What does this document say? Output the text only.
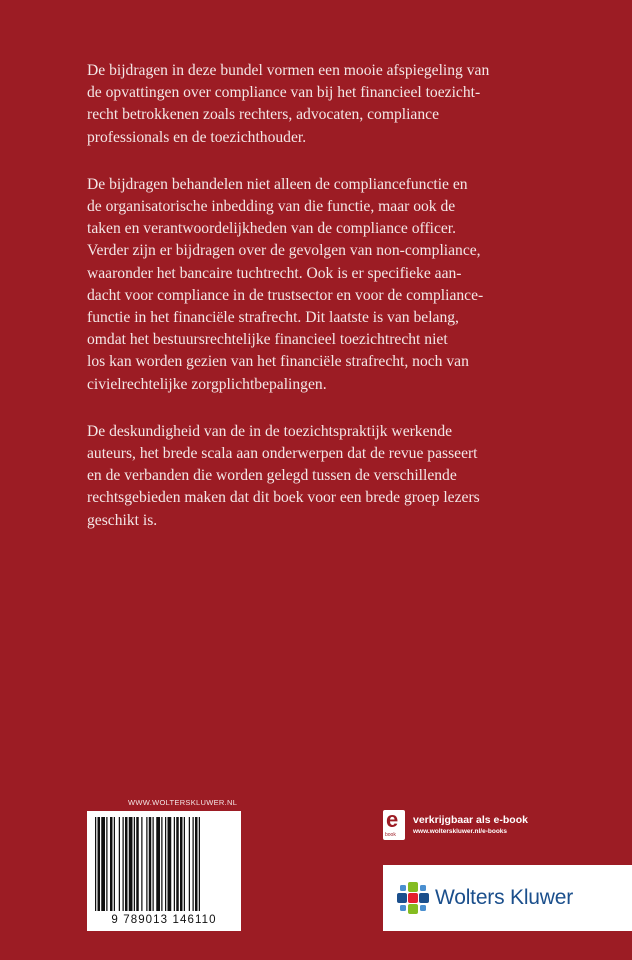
De bijdragen in deze bundel vormen een mooie afspiegeling van
de opvattingen over compliance van bij het financieel toezicht-
recht betrokkenen zoals rechters, advocaten, compliance
professionals en de toezichthouder.

De bijdragen behandelen niet alleen de compliancefunctie en
de organisatorische inbedding van die functie, maar ook de
taken en verantwoordelijkheden van de compliance officer.
Verder zijn er bijdragen over de gevolgen van non-compliance,
waaronder het bancaire tuchtrecht. Ook is er specifieke aan-
dacht voor compliance in de trustsector en voor de compliance-
functie in het financiële strafrecht. Dit laatste is van belang,
omdat het bestuursrechtelijke financieel toezichtrecht niet
los kan worden gezien van het financiële strafrecht, noch van
civielrechtelijke zorgplichtbepalingen.

De deskundigheid van de in de toezichtspraktijk werkende
auteurs, het brede scala aan onderwerpen dat de revue passeert
en de verbanden die worden gelegd tussen de verschillende
rechtsgebieden maken dat dit boek voor een brede groep lezers
geschikt is.

WWW.WOLTERSKLUWER.NL
9 789013 146110
e
book
verkrijgbaar als e-book
www.wolterskluwer.nl/e-books
Wolters Kluwer
